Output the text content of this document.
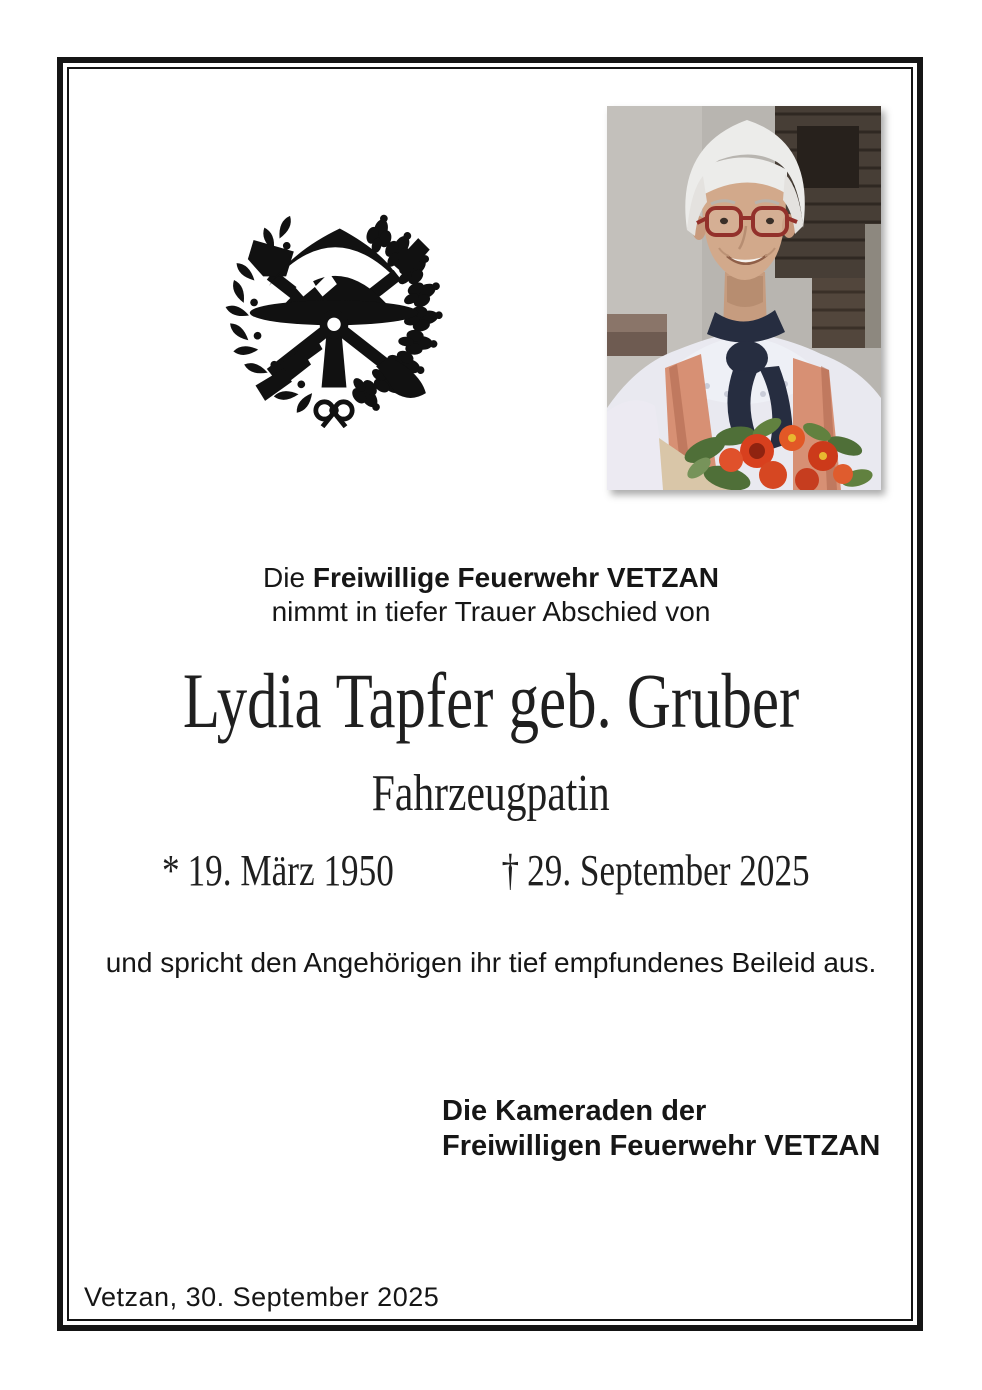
Die Freiwillige Feuerwehr VETZAN
nimmt in tiefer Trauer Abschied von
Lydia Tapfer geb. Gruber
Fahrzeugpatin
* 19. März 1950 † 29. September 2025
und spricht den Angehörigen ihr tief empfundenes Beileid aus.
Die Kameraden der
Freiwilligen Feuerwehr VETZAN
Vetzan, 30. September 2025
